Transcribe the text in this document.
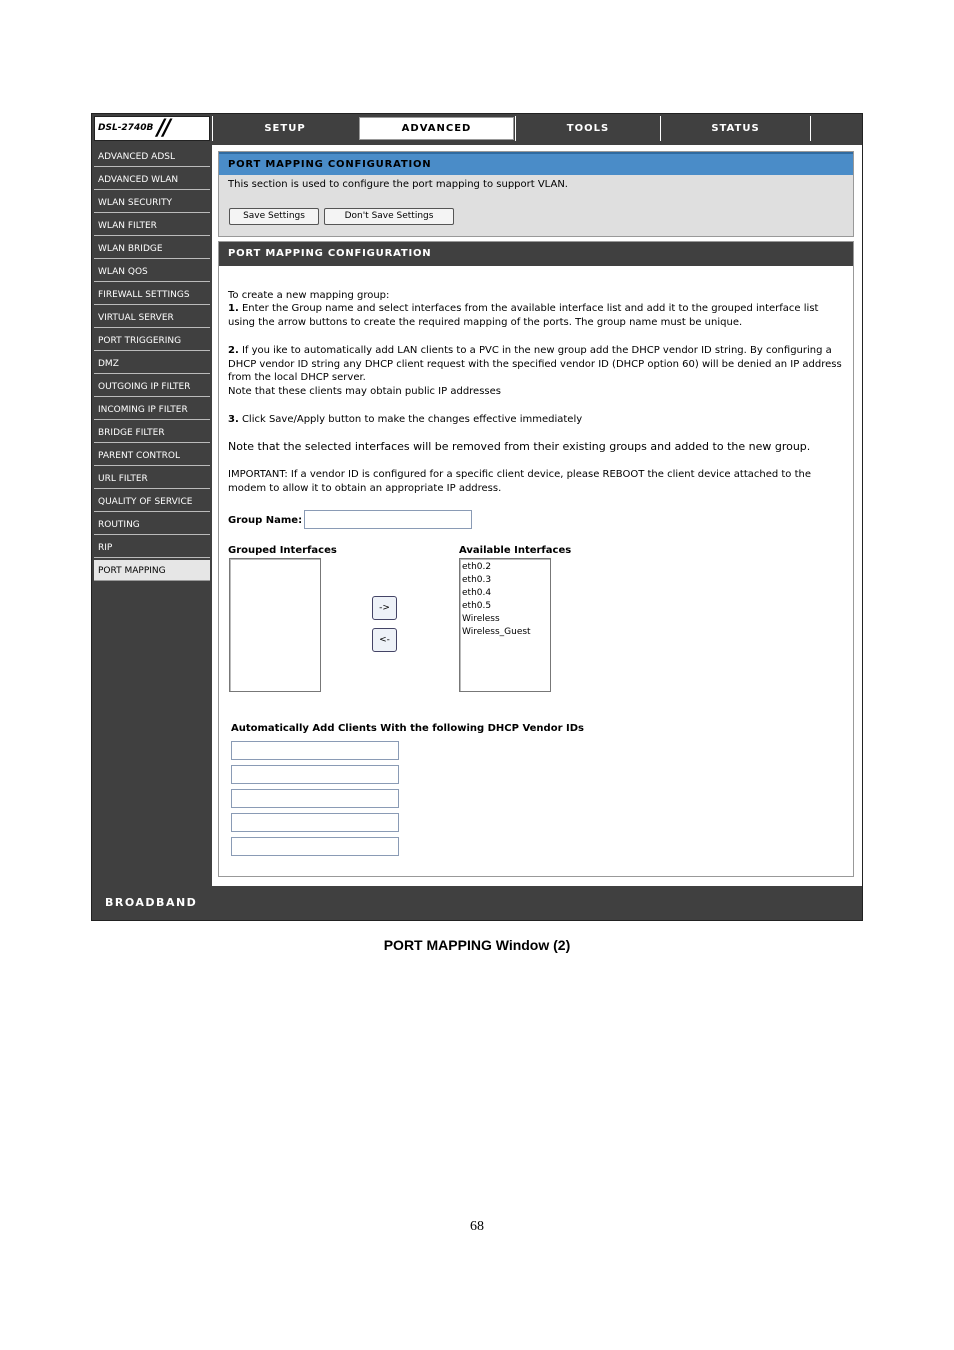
DSL-2740B //	SETUP	ADVANCED	TOOLS	STATUS
ADVANCED ADSL
ADVANCED WLAN
WLAN SECURITY
WLAN FILTER
WLAN BRIDGE
WLAN QOS
FIREWALL SETTINGS
VIRTUAL SERVER
PORT TRIGGERING
DMZ
OUTGOING IP FILTER
INCOMING IP FILTER
BRIDGE FILTER
PARENT CONTROL
URL FILTER
QUALITY OF SERVICE
ROUTING
RIP
PORT MAPPING
PORT MAPPING CONFIGURATION
This section is used to configure the port mapping to support VLAN.
Save Settings	Don't Save Settings
PORT MAPPING CONFIGURATION
To create a new mapping group:
1. Enter the Group name and select interfaces from the available interface list and add it to the grouped interface list using the arrow buttons to create the required mapping of the ports. The group name must be unique.
2. If you ike to automatically add LAN clients to a PVC in the new group add the DHCP vendor ID string. By configuring a DHCP vendor ID string any DHCP client request with the specified vendor ID (DHCP option 60) will be denied an IP address from the local DHCP server.
Note that these clients may obtain public IP addresses
3. Click Save/Apply button to make the changes effective immediately
Note that the selected interfaces will be removed from their existing groups and added to the new group.
IMPORTANT: If a vendor ID is configured for a specific client device, please REBOOT the client device attached to the modem to allow it to obtain an appropriate IP address.
Group Name:
Grouped Interfaces	Available Interfaces
->
<-
eth0.2
eth0.3
eth0.4
eth0.5
Wireless
Wireless_Guest
Automatically Add Clients With the following DHCP Vendor IDs
BROADBAND
PORT MAPPING Window (2)
68
